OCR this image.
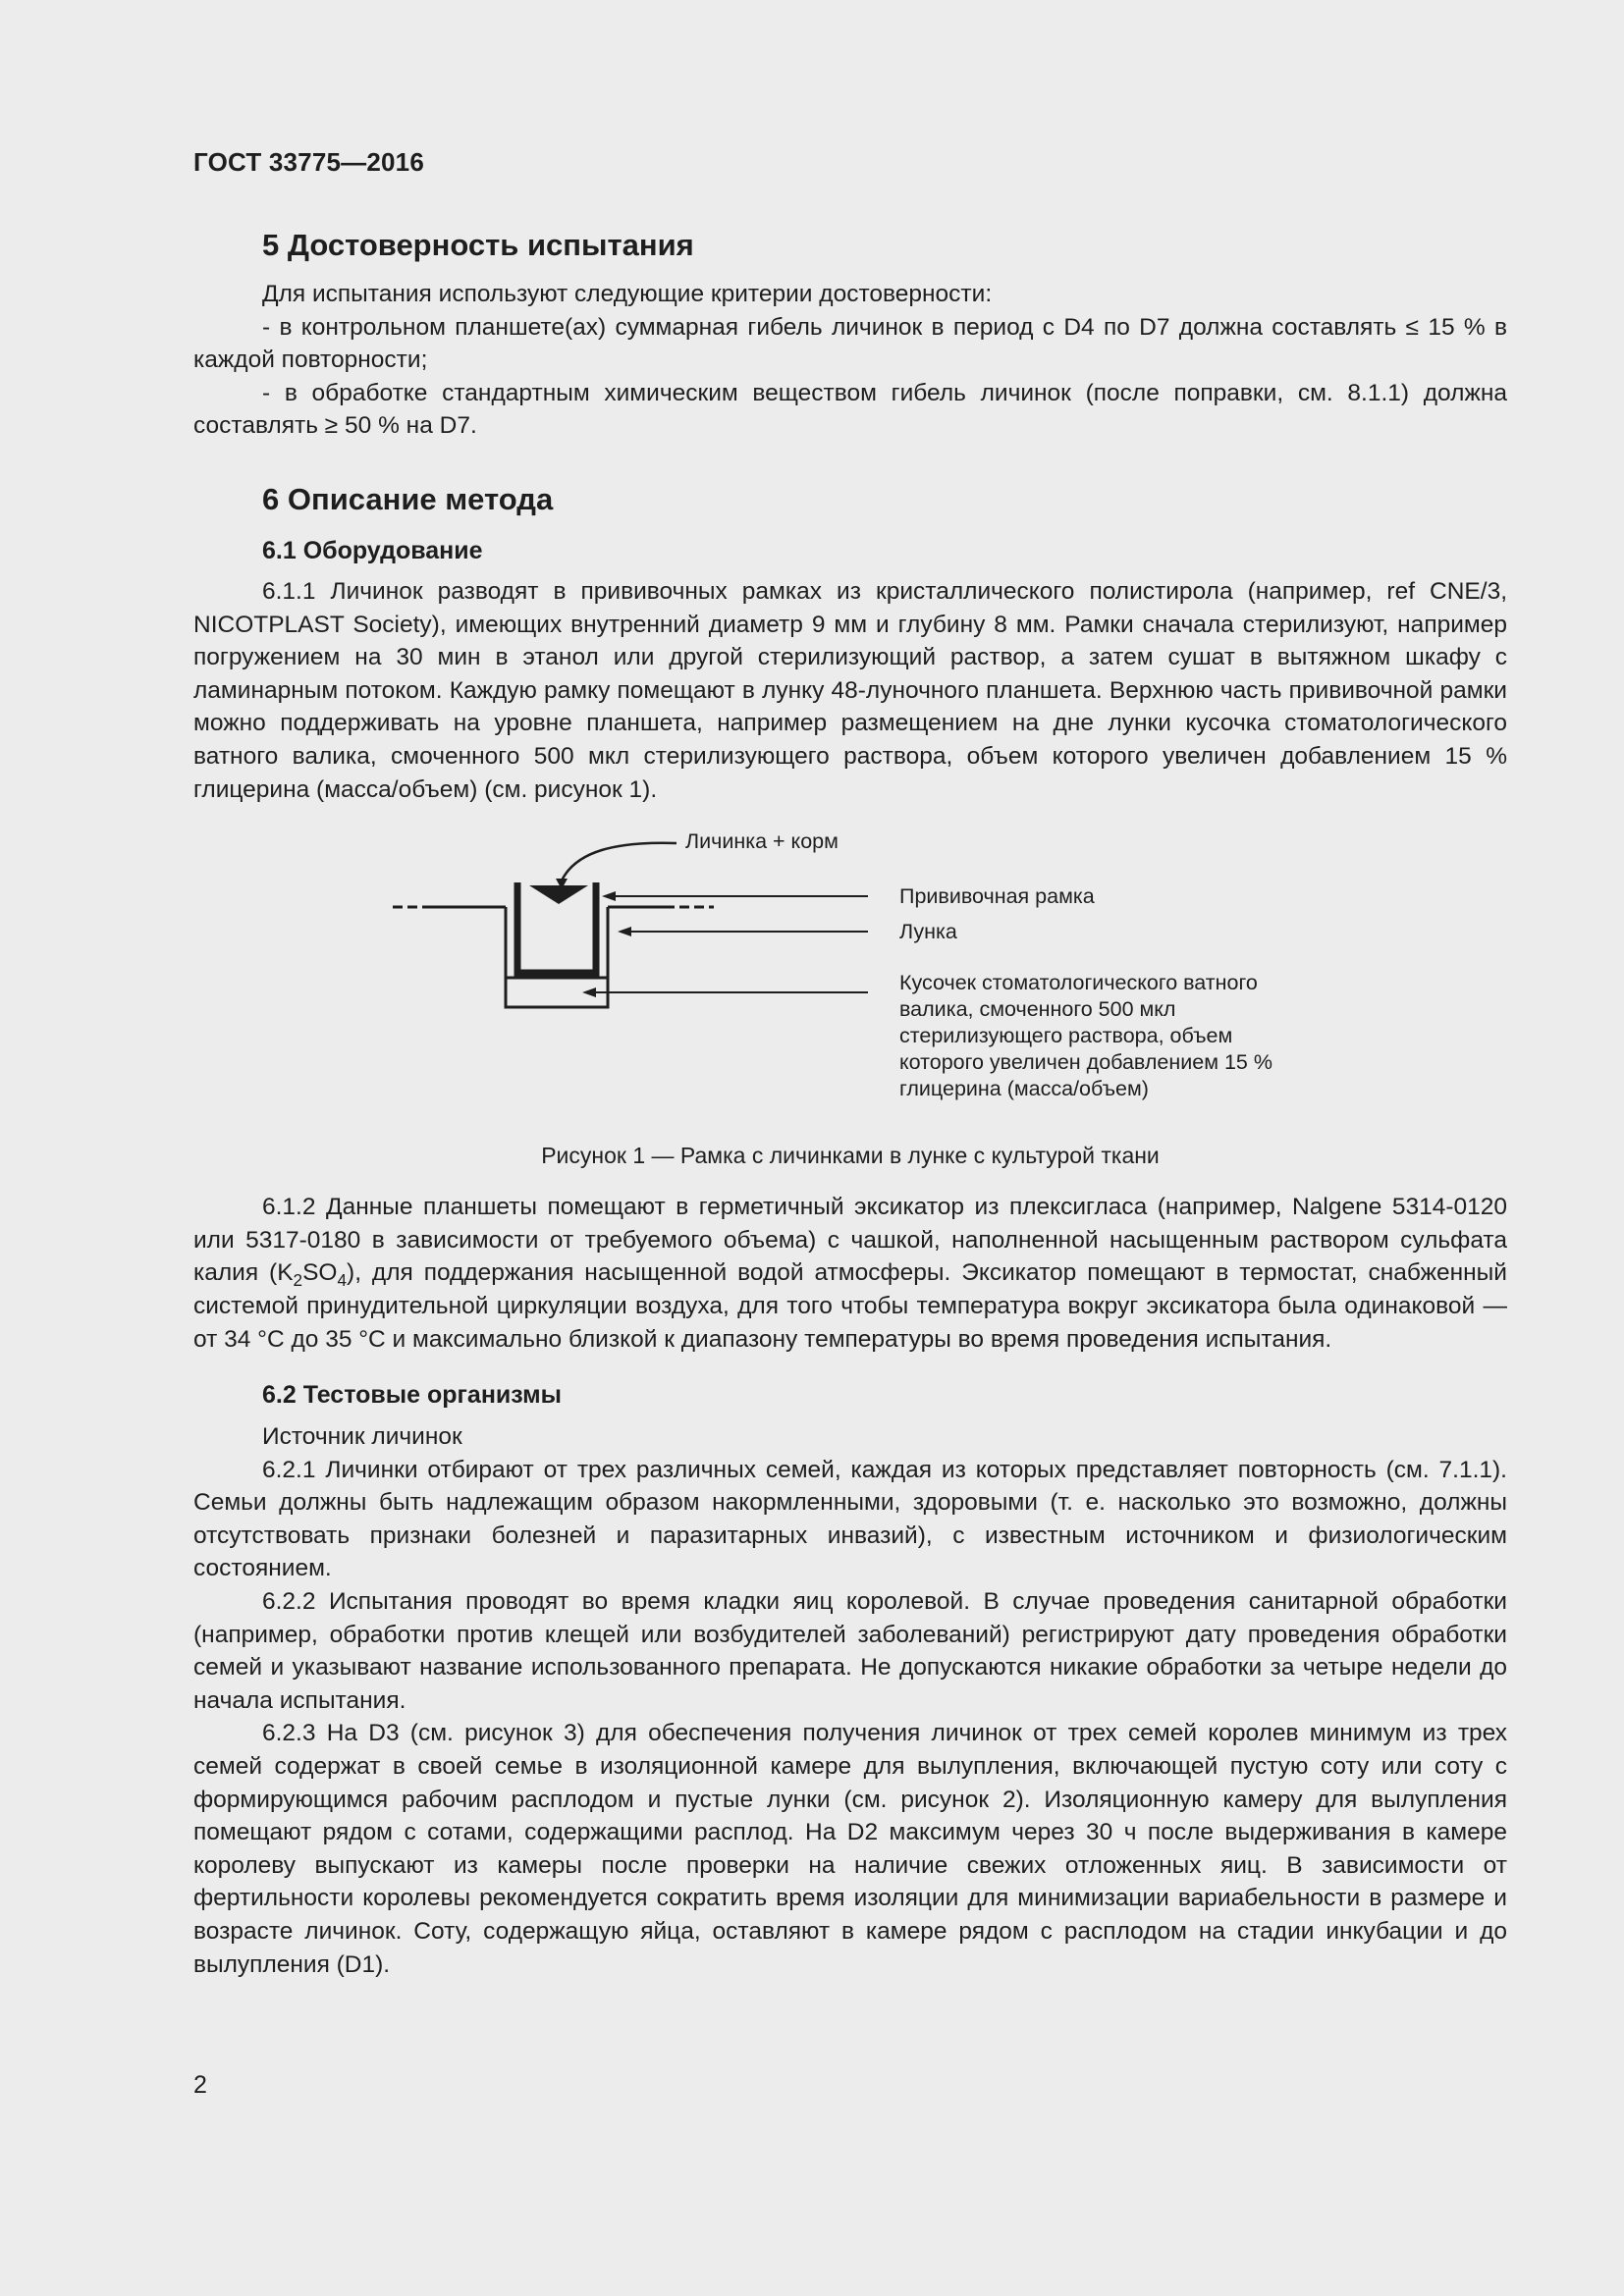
ГОСТ 33775—2016
5 Достоверность испытания

Для испытания используют следующие критерии достоверности:

- в контрольном планшете(ах) суммарная гибель личинок в период с D4 по D7 должна составлять ≤ 15 % в каждой повторности;

- в обработке стандартным химическим веществом гибель личинок (после поправки, см. 8.1.1) должна составлять ≥ 50 % на D7.

6 Описание метода
6.1 Оборудование

6.1.1 Личинок разводят в прививочных рамках из кристаллического полистирола (например, ref CNE/3, NICOTPLAST Society), имеющих внутренний диаметр 9 мм и глубину 8 мм. Рамки сначала стерилизуют, например погружением на 30 мин в этанол или другой стерилизующий раствор, а затем сушат в вытяжном шкафу с ламинарным потоком. Каждую рамку помещают в лунку 48-луночного планшета. Верхнюю часть прививочной рамки можно поддерживать на уровне планшета, например размещением на дне лунки кусочка стоматологического ватного валика, смоченного 500 мкл стерилизующего раствора, объем которого увеличен добавлением 15 % глицерина (масса/объем) (см. рисунок 1).

Личинка + корм
Прививочная рамка
Лунка
Кусочек стоматологического ватного
валика, смоченного 500 мкл
стерилизующего раствора, объем
которого увеличен добавлением 15 %
глицерина (масса/объем)
Рисунок 1 — Рамка с личинками в лунке с культурой ткани

6.1.2 Данные планшеты помещают в герметичный эксикатор из плексигласа (например, Nalgene 5314-0120 или 5317-0180 в зависимости от требуемого объема) с чашкой, наполненной насыщенным раствором сульфата калия $(K_2SO_4)$, для поддержания насыщенной водой атмосферы. Эксикатор помещают в термостат, снабженный системой принудительной циркуляции воздуха, для того чтобы температура вокруг эксикатора была одинаковой — от 34 °С до 35 °С и максимально близкой к диапазону температуры во время проведения испытания.

6.2 Тестовые организмы

Источник личинок

6.2.1 Личинки отбирают от трех различных семей, каждая из которых представляет повторность (см. 7.1.1). Семьи должны быть надлежащим образом накормленными, здоровыми (т. е. насколько это возможно, должны отсутствовать признаки болезней и паразитарных инвазий), с известным источником и физиологическим состоянием.

6.2.2 Испытания проводят во время кладки яиц королевой. В случае проведения санитарной обработки (например, обработки против клещей или возбудителей заболеваний) регистрируют дату проведения обработки семей и указывают название использованного препарата. Не допускаются никакие обработки за четыре недели до начала испытания.

6.2.3 На D3 (см. рисунок 3) для обеспечения получения личинок от трех семей королев минимум из трех семей содержат в своей семье в изоляционной камере для вылупления, включающей пустую соту или соту с формирующимся рабочим расплодом и пустые лунки (см. рисунок 2). Изоляционную камеру для вылупления помещают рядом с сотами, содержащими расплод. На D2 максимум через 30 ч после выдерживания в камере королеву выпускают из камеры после проверки на наличие свежих отложенных яиц. В зависимости от фертильности королевы рекомендуется сократить время изоляции для минимизации вариабельности в размере и возрасте личинок. Соту, содержащую яйца, оставляют в камере рядом с расплодом на стадии инкубации и до вылупления (D1).

2
